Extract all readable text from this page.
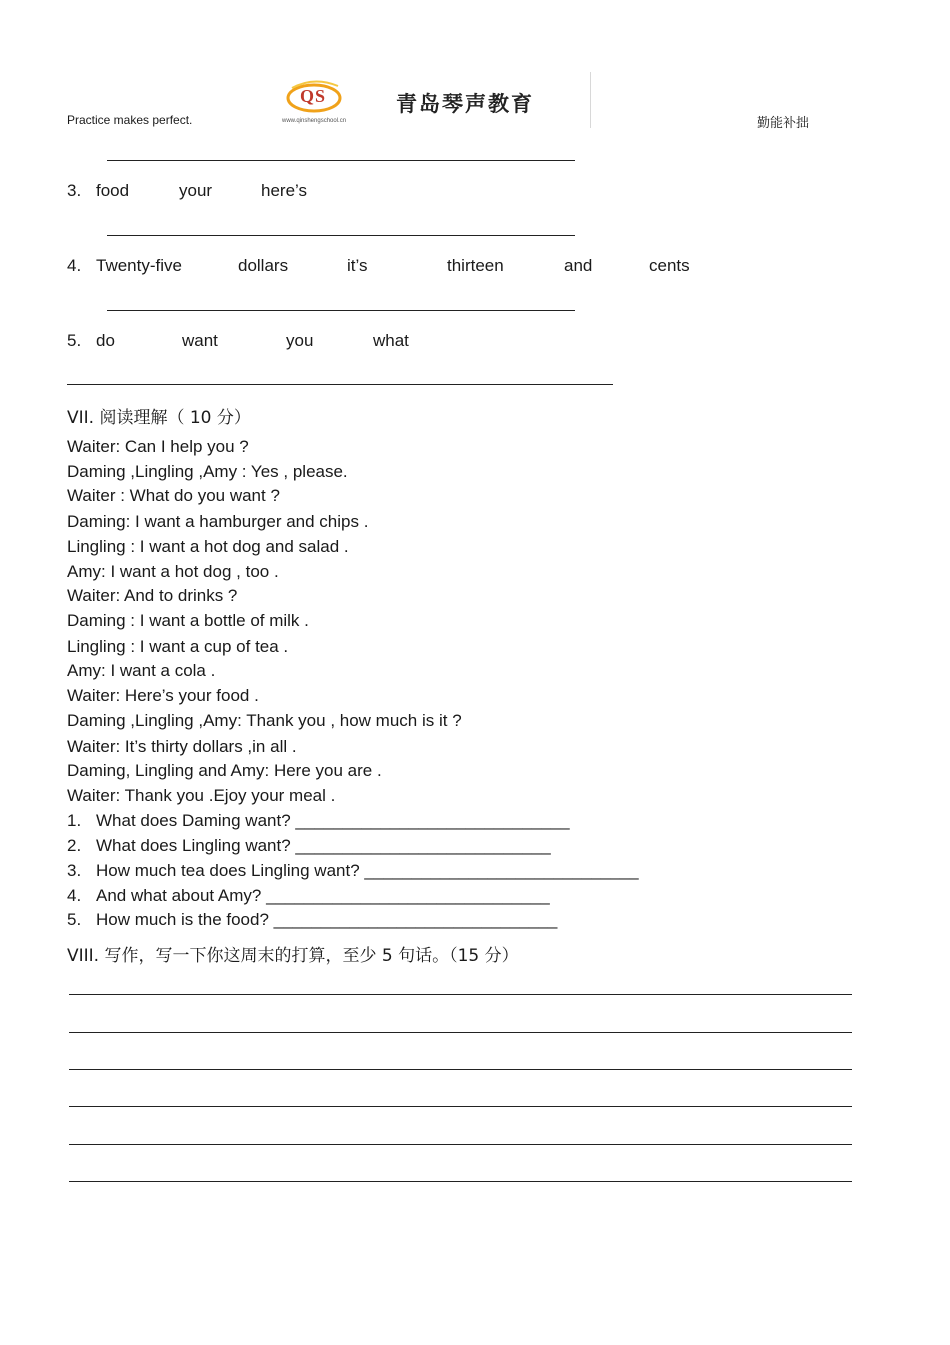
Practice makes perfect.
QS
www.qinshengschool.cn
青岛琴声教育
勤能补拙
3. food	your	here’s
4. Twenty-five	dollars	it’s	thirteen	and	cents
5. do	want	you	what
VII. 阅读理解（ 10 分）
Waiter: Can I help you ?
Daming ,Lingling ,Amy : Yes , please.
Waiter : What do you want ?
Daming: I want a hamburger and chips .
Lingling : I want a hot dog and salad .
Amy: I want a hot dog , too .
Waiter: And to drinks ?
Daming : I want a bottle of milk .
Lingling : I want a cup of tea .
Amy: I want a cola .
Waiter: Here’s your food .
Daming ,Lingling ,Amy: Thank you , how much is it ?
Waiter: It’s thirty dollars ,in all .
Daming, Lingling and Amy: Here you are .
Waiter: Thank you .Ejoy your meal .
1. What does Daming want? _____________________________
2. What does Lingling want? ___________________________
3. How much tea does Lingling want? _____________________________
4. And what about Amy? ______________________________
5. How much is the food? ______________________________
VIII. 写作，写一下你这周末的打算，至少 5 句话。（15 分）
